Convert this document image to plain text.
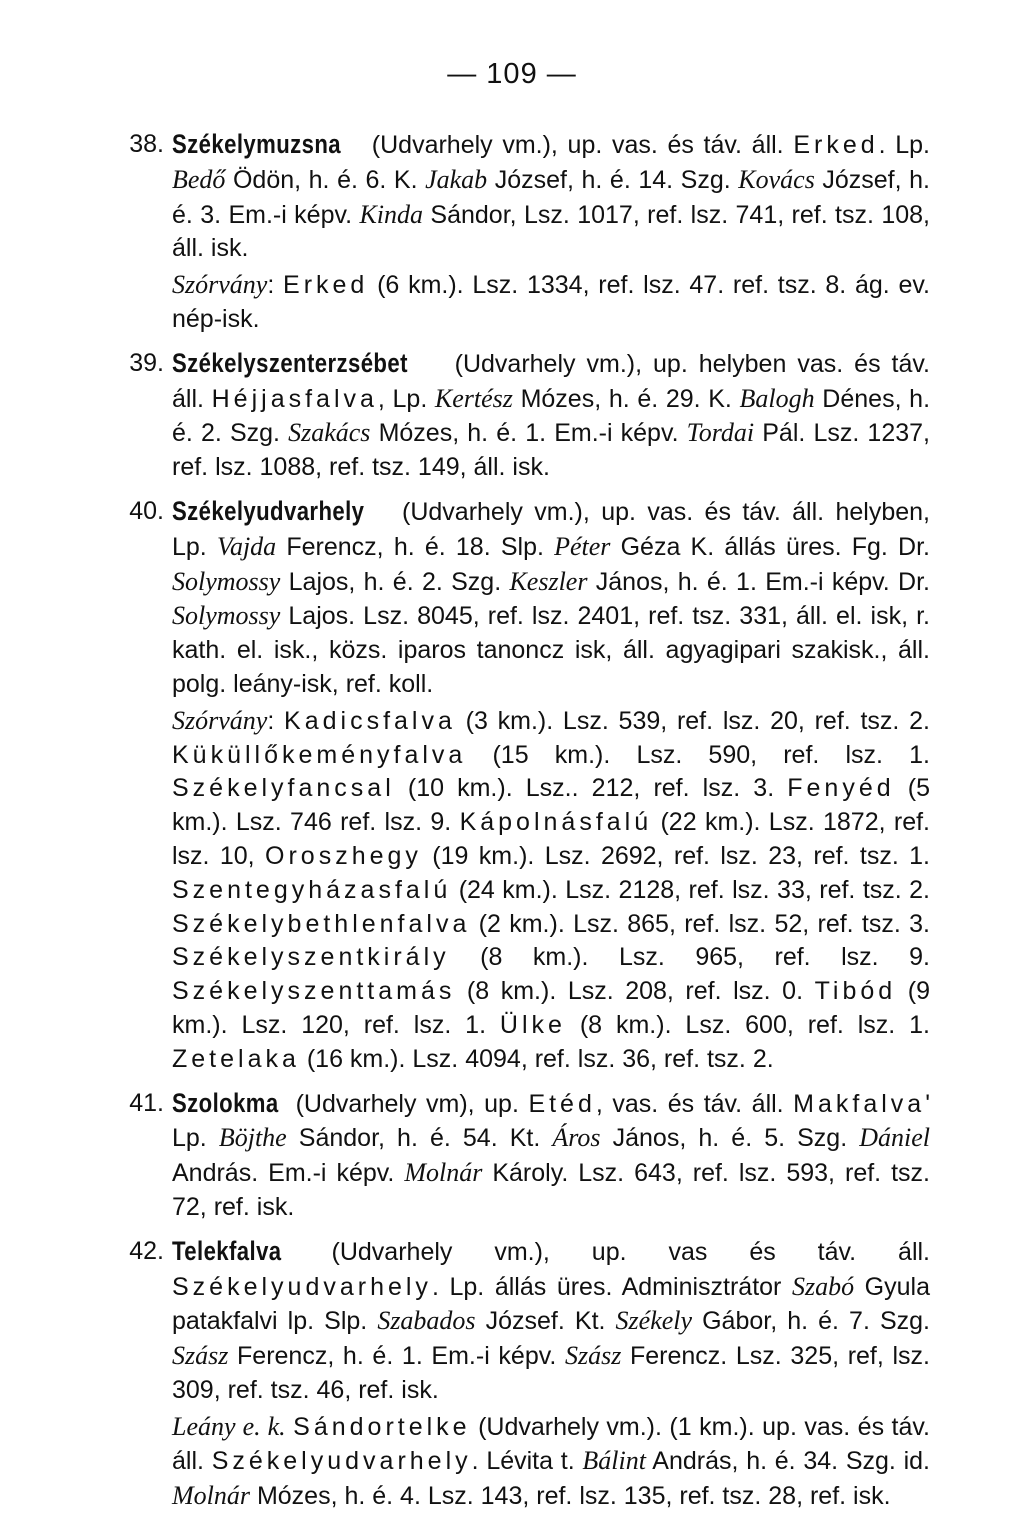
— 109 —
38. Székelymuzsna (Udvarhely vm.), up. vas. és táv. áll. Erked. Lp. Bedő Ödön, h. é. 6. K. Jakab József, h. é. 14. Szg. Kovács József, h. é. 3. Em.-i képv. Kinda Sándor, Lsz. 1017, ref. lsz. 741, ref. tsz. 108, áll. isk.

Szórvány: Erked (6 km.). Lsz. 1334, ref. lsz. 47. ref. tsz. 8. ág. ev. nép-isk.

39. Székelyszenterzsébet (Udvarhely vm.), up. helyben vas. és táv. áll. Héjjasfalva, Lp. Kertész Mózes, h. é. 29. K. Balogh Dénes, h. é. 2. Szg. Szakács Mózes, h. é. 1. Em.-i képv. Tordai Pál. Lsz. 1237, ref. lsz. 1088, ref. tsz. 149, áll. isk.

40. Székelyudvarhely (Udvarhely vm.), up. vas. és táv. áll. helyben, Lp. Vajda Ferencz, h. é. 18. Slp. Péter Géza K. állás üres. Fg. Dr. Solymossy Lajos, h. é. 2. Szg. Keszler János, h. é. 1. Em.-i képv. Dr. Solymossy Lajos. Lsz. 8045, ref. lsz. 2401, ref. tsz. 331, áll. el. isk, r. kath. el. isk., közs. iparos tanoncz isk, áll. agyagipari szakisk., áll. polg. leány-isk, ref. koll.

Szórvány: Kadicsfalva (3 km.). Lsz. 539, ref. lsz. 20, ref. tsz. 2. Küküllőkeményfalva (15 km.). Lsz. 590, ref. lsz. 1. Székelyfancsal (10 km.). Lsz.. 212, ref. lsz. 3. Fenyéd (5 km.). Lsz. 746 ref. lsz. 9. Kápolnásfalú (22 km.). Lsz. 1872, ref. lsz. 10, Oroszhegy (19 km.). Lsz. 2692, ref. lsz. 23, ref. tsz. 1. Szentegyházasfalú (24 km.). Lsz. 2128, ref. lsz. 33, ref. tsz. 2. Székelybethlenfalva (2 km.). Lsz. 865, ref. lsz. 52, ref. tsz. 3. Székelyszentkirály (8 km.). Lsz. 965, ref. lsz. 9. Székelyszenttamás (8 km.). Lsz. 208, ref. lsz. 0. Tibód (9 km.). Lsz. 120, ref. lsz. 1. Ülke (8 km.). Lsz. 600, ref. lsz. 1. Zetelaka (16 km.). Lsz. 4094, ref. lsz. 36, ref. tsz. 2.

41. Szolokma (Udvarhely vm), up. Etéd, vas. és táv. áll. Makfalva' Lp. Böjthe Sándor, h. é. 54. Kt. Áros János, h. é. 5. Szg. Dániel András. Em.-i képv. Molnár Károly. Lsz. 643, ref. lsz. 593, ref. tsz. 72, ref. isk.

42. Telekfalva (Udvarhely vm.), up. vas és táv. áll. Székelyudvarhely. Lp. állás üres. Adminisztrátor Szabó Gyula patakfalvi lp. Slp. Szabados József. Kt. Székely Gábor, h. é. 7. Szg. Szász Ferencz, h. é. 1. Em.-i képv. Szász Ferencz. Lsz. 325, ref, lsz. 309, ref. tsz. 46, ref. isk.

Leány e. k. Sándortelke (Udvarhely vm.). (1 km.). up. vas. és táv. áll. Székelyudvarhely. Lévita t. Bálint András, h. é. 34. Szg. id. Molnár Mózes, h. é. 4. Lsz. 143, ref. lsz. 135, ref. tsz. 28, ref. isk.
